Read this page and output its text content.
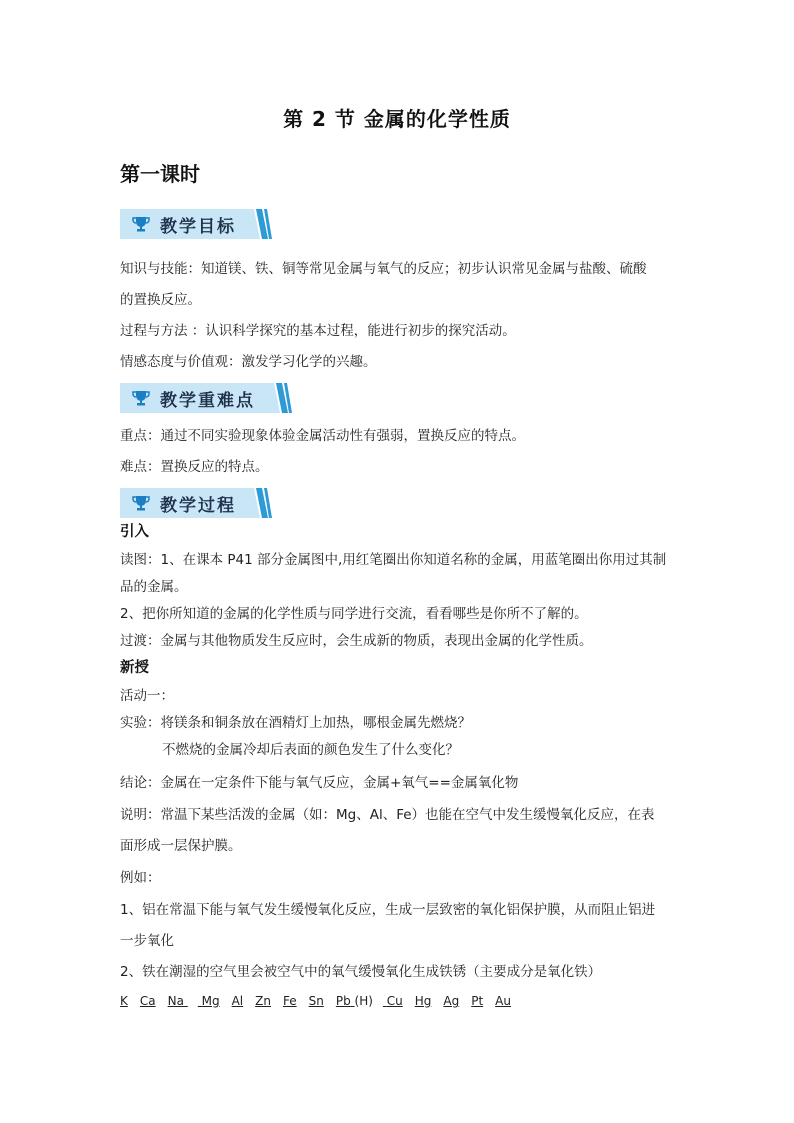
第 2 节 金属的化学性质
第一课时
教学目标
知识与技能：知道镁、铁、铜等常见金属与氧气的反应；初步认识常见金属与盐酸、硫酸
的置换反应。
过程与方法 ：认识科学探究的基本过程，能进行初步的探究活动。
情感态度与价值观：激发学习化学的兴趣。
教学重难点
重点：通过不同实验现象体验金属活动性有强弱，置换反应的特点。
难点：置换反应的特点。
教学过程
引入
读图：1、在课本 P41 部分金属图中,用红笔圈出你知道名称的金属，用蓝笔圈出你用过其制
品的金属。
2、把你所知道的金属的化学性质与同学进行交流，看看哪些是你所不了解的。
过渡：金属与其他物质发生反应时，会生成新的物质，表现出金属的化学性质。
新授
活动一：
实验：将镁条和铜条放在酒精灯上加热，哪根金属先燃烧？
不燃烧的金属冷却后表面的颜色发生了什么变化？
结论：金属在一定条件下能与氧气反应，金属+氧气==金属氧化物
说明：常温下某些活泼的金属（如：Mg、Al、Fe）也能在空气中发生缓慢氧化反应，在表
面形成一层保护膜。
例如：
1、铝在常温下能与氧气发生缓慢氧化反应，生成一层致密的氧化铝保护膜，从而阻止铝进
一步氧化
2、铁在潮湿的空气里会被空气中的氧气缓慢氧化生成铁锈（主要成分是氧化铁）
K Ca Na Mg Al Zn Fe Sn Pb (H) Cu Hg Ag Pt Au
